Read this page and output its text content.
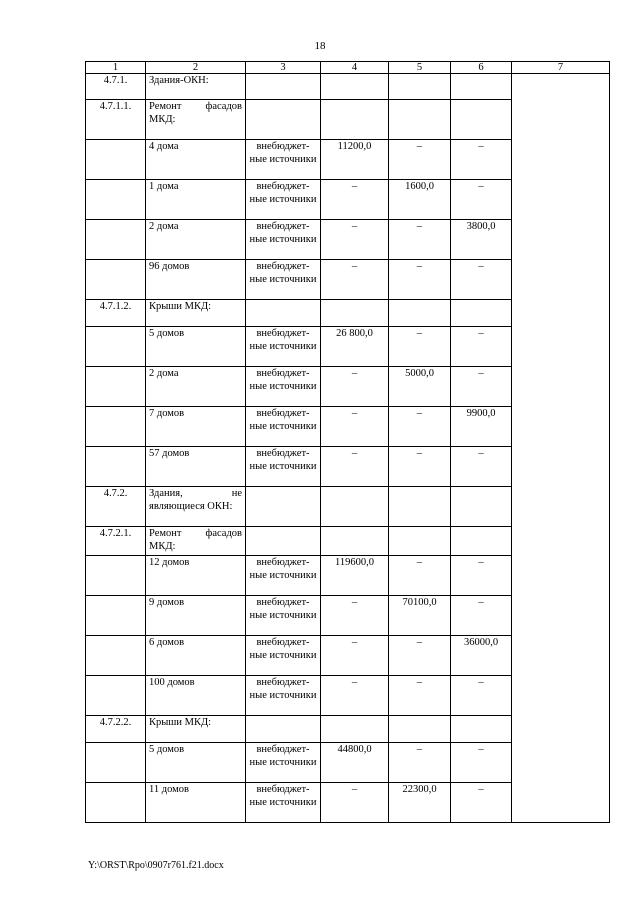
18
1	2	3	4	5	6	7
4.7.1.	Здания-ОКН:					
4.7.1.1.	Ремонт фасадов МКД:					
	4 дома	внебюджет-ные источники	11200,0	–	–	
	1 дома	внебюджет-ные источники	–	1600,0	–	
	2 дома	внебюджет-ные источники	–	–	3800,0	
	96 домов	внебюджет-ные источники	–	–	–	
4.7.1.2.	Крыши МКД:					
	5 домов	внебюджет-ные источники	26 800,0	–	–	
	2 дома	внебюджет-ные источники	–	5000,0	–	
	7 домов	внебюджет-ные источники	–	–	9900,0	
	57 домов	внебюджет-ные источники	–	–	–	
4.7.2.	Здания, не являющиеся ОКН:					
4.7.2.1.	Ремонт фасадов МКД:					
	12 домов	внебюджет-ные источники	119600,0	–	–	
	9 домов	внебюджет-ные источники	–	70100,0	–	
	6 домов	внебюджет-ные источники	–	–	36000,0	
	100 домов	внебюджет-ные источники	–	–	–	
4.7.2.2.	Крыши МКД:					
	5 домов	внебюджет-ные источники	44800,0	–	–	
	11 домов	внебюджет-ные источники	–	22300,0	–	
Y:\ORST\Rpo\0907r761.f21.docx
